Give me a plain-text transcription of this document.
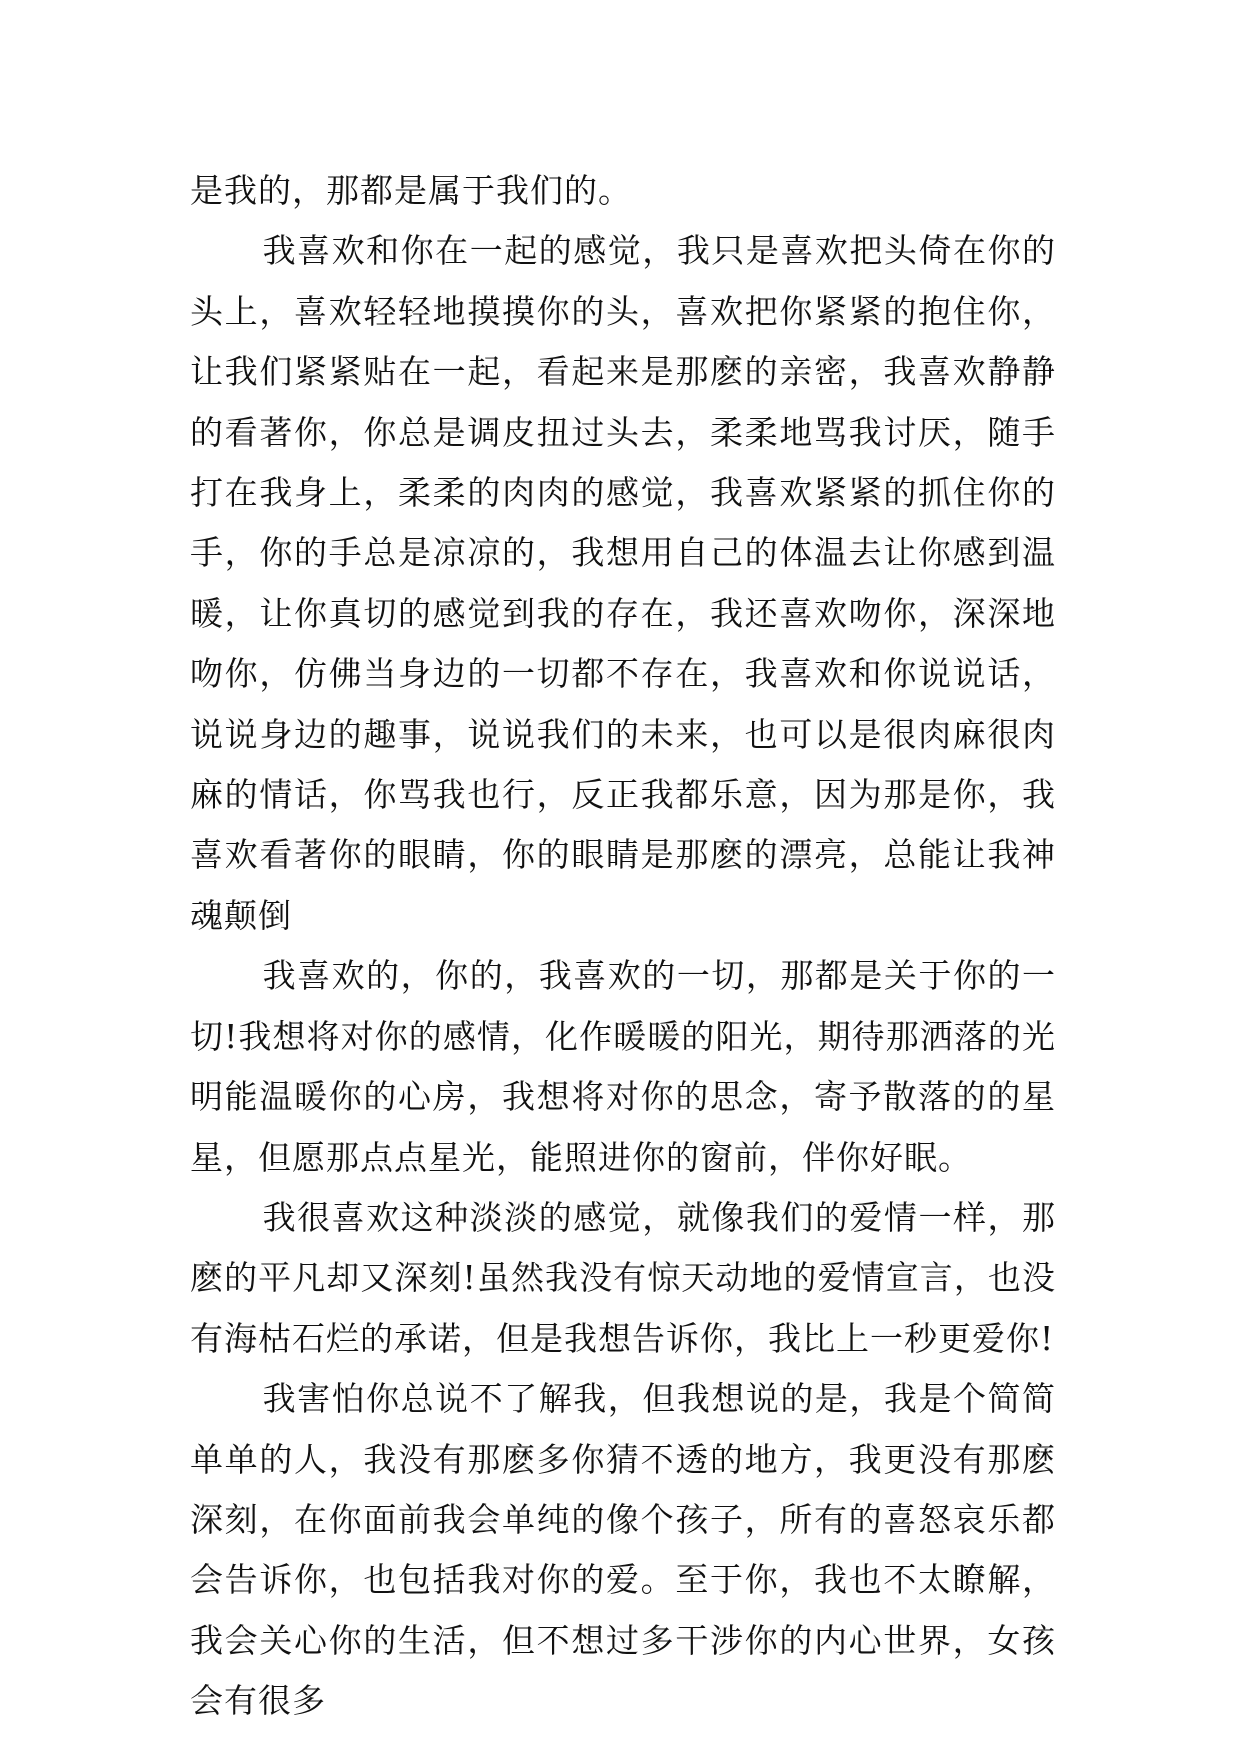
是我的，那都是属于我们的。

我喜欢和你在一起的感觉，我只是喜欢把头倚在你的头上，喜欢轻轻地摸摸你的头，喜欢把你紧紧的抱住你，让我们紧紧贴在一起，看起来是那麽的亲密，我喜欢静静的看著你，你总是调皮扭过头去，柔柔地骂我讨厌，随手打在我身上，柔柔的肉肉的感觉，我喜欢紧紧的抓住你的手，你的手总是凉凉的，我想用自己的体温去让你感到温暖，让你真切的感觉到我的存在，我还喜欢吻你，深深地吻你，仿佛当身边的一切都不存在，我喜欢和你说说话，说说身边的趣事，说说我们的未来，也可以是很肉麻很肉麻的情话，你骂我也行，反正我都乐意，因为那是你，我喜欢看著你的眼睛，你的眼睛是那麽的漂亮，总能让我神魂颠倒

我喜欢的，你的，我喜欢的一切，那都是关于你的一切!我想将对你的感情，化作暖暖的阳光，期待那洒落的光明能温暖你的心房，我想将对你的思念，寄予散落的的星星，但愿那点点星光，能照进你的窗前，伴你好眠。

我很喜欢这种淡淡的感觉，就像我们的爱情一样，那麽的平凡却又深刻!虽然我没有惊天动地的爱情宣言，也没有海枯石烂的承诺，但是我想告诉你，我比上一秒更爱你!

我害怕你总说不了解我，但我想说的是，我是个简简单单的人，我没有那麽多你猜不透的地方，我更没有那麽深刻，在你面前我会单纯的像个孩子，所有的喜怒哀乐都会告诉你，也包括我对你的爱。至于你，我也不太瞭解，我会关心你的生活，但不想过多干涉你的内心世界，女孩会有很多
